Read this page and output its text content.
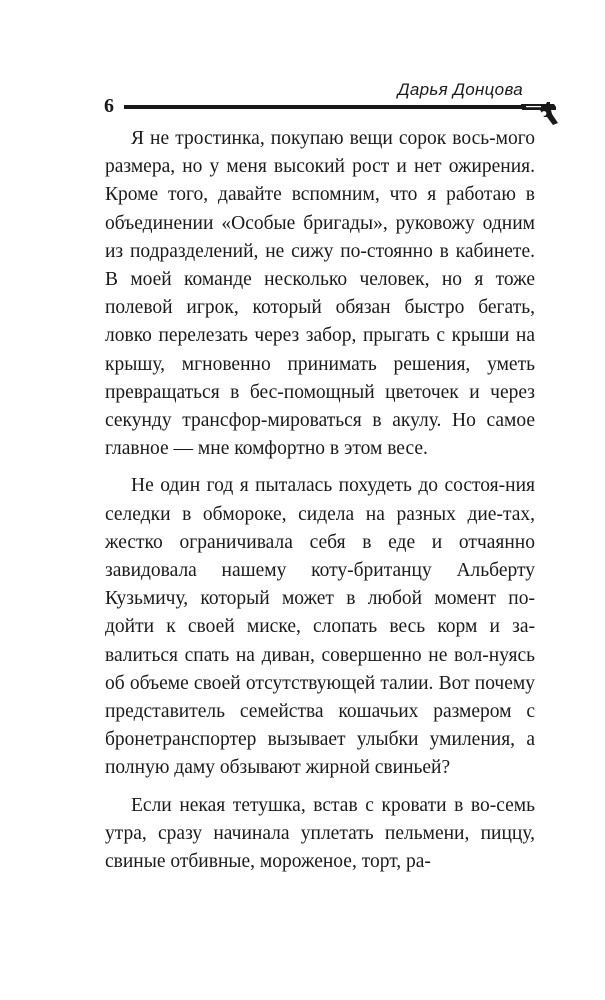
6
Дарья Донцова

Я не тростинка, покупаю вещи сорок вось-мого размера, но у меня высокий рост и нет ожирения. Кроме того, давайте вспомним, что я работаю в объединении «Особые бригады», руковожу одним из подразделений, не сижу по-стоянно в кабинете. В моей команде несколько человек, но я тоже полевой игрок, который обязан быстро бегать, ловко перелезать через забор, прыгать с крыши на крышу, мгновенно принимать решения, уметь превращаться в бес-помощный цветочек и через секунду трансфор-мироваться в акулу. Но самое главное — мне комфортно в этом весе.

Не один год я пыталась похудеть до состоя-ния селедки в обмороке, сидела на разных дие-тах, жестко ограничивала себя в еде и отчаянно завидовала нашему коту-британцу Альберту Кузьмичу, который может в любой момент по-дойти к своей миске, слопать весь корм и за-валиться спать на диван, совершенно не вол-нуясь об объеме своей отсутствующей талии. Вот почему представитель семейства кошачьих размером с бронетранспортер вызывает улыбки умиления, а полную даму обзывают жирной свиньей?

Если некая тетушка, встав с кровати в во-семь утра, сразу начинала уплетать пельмени, пиццу, свиные отбивные, мороженое, торт, ра-
